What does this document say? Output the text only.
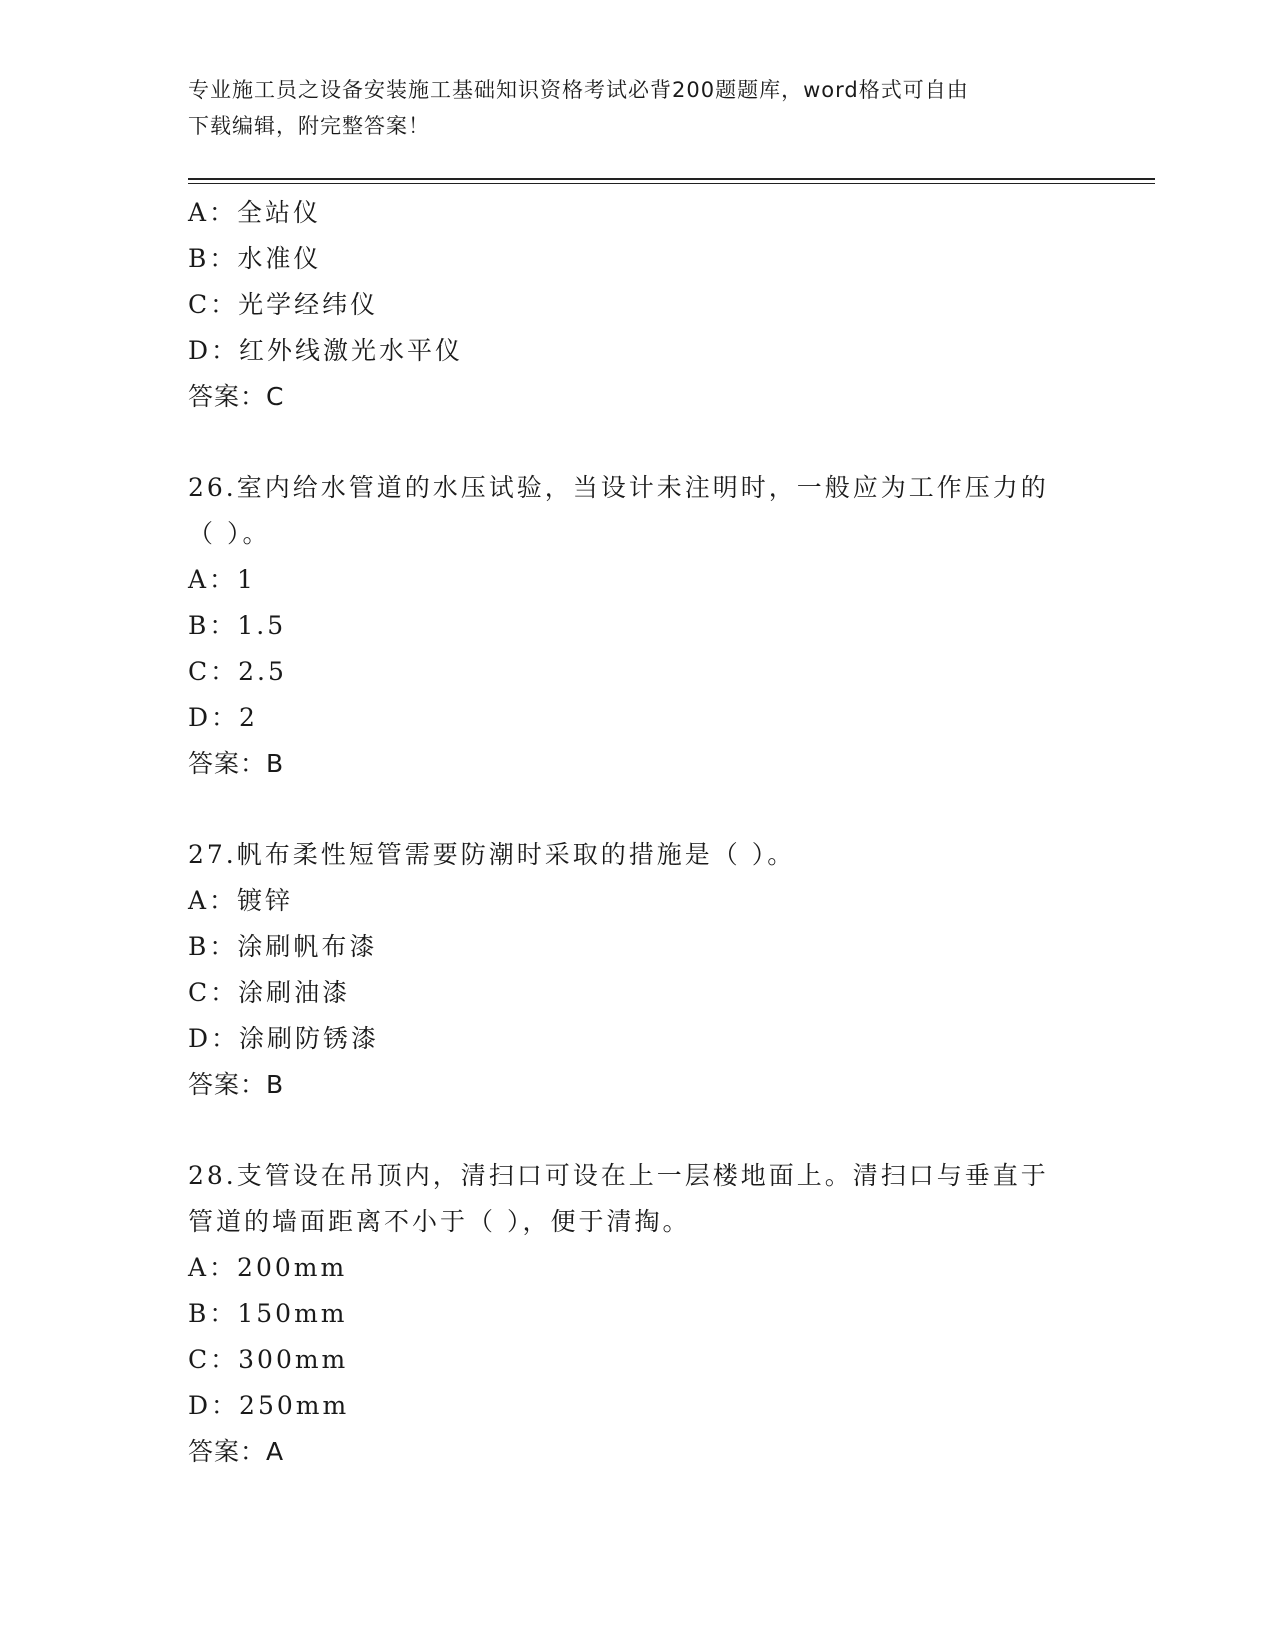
专业施工员之设备安装施工基础知识资格考试必背200题题库，word格式可自由
下载编辑，附完整答案！
A：全站仪
B：水准仪
C：光学经纬仪
D：红外线激光水平仪
答案：C
26.室内给水管道的水压试验，当设计未注明时，一般应为工作压力的
（ ）。
A：1
B：1.5
C：2.5
D：2
答案：B
27.帆布柔性短管需要防潮时采取的措施是（ ）。
A：镀锌
B：涂刷帆布漆
C：涂刷油漆
D：涂刷防锈漆
答案：B
28.支管设在吊顶内，清扫口可设在上一层楼地面上。清扫口与垂直于
管道的墙面距离不小于（ ），便于清掏。
A：200mm
B：150mm
C：300mm
D：250mm
答案：A
